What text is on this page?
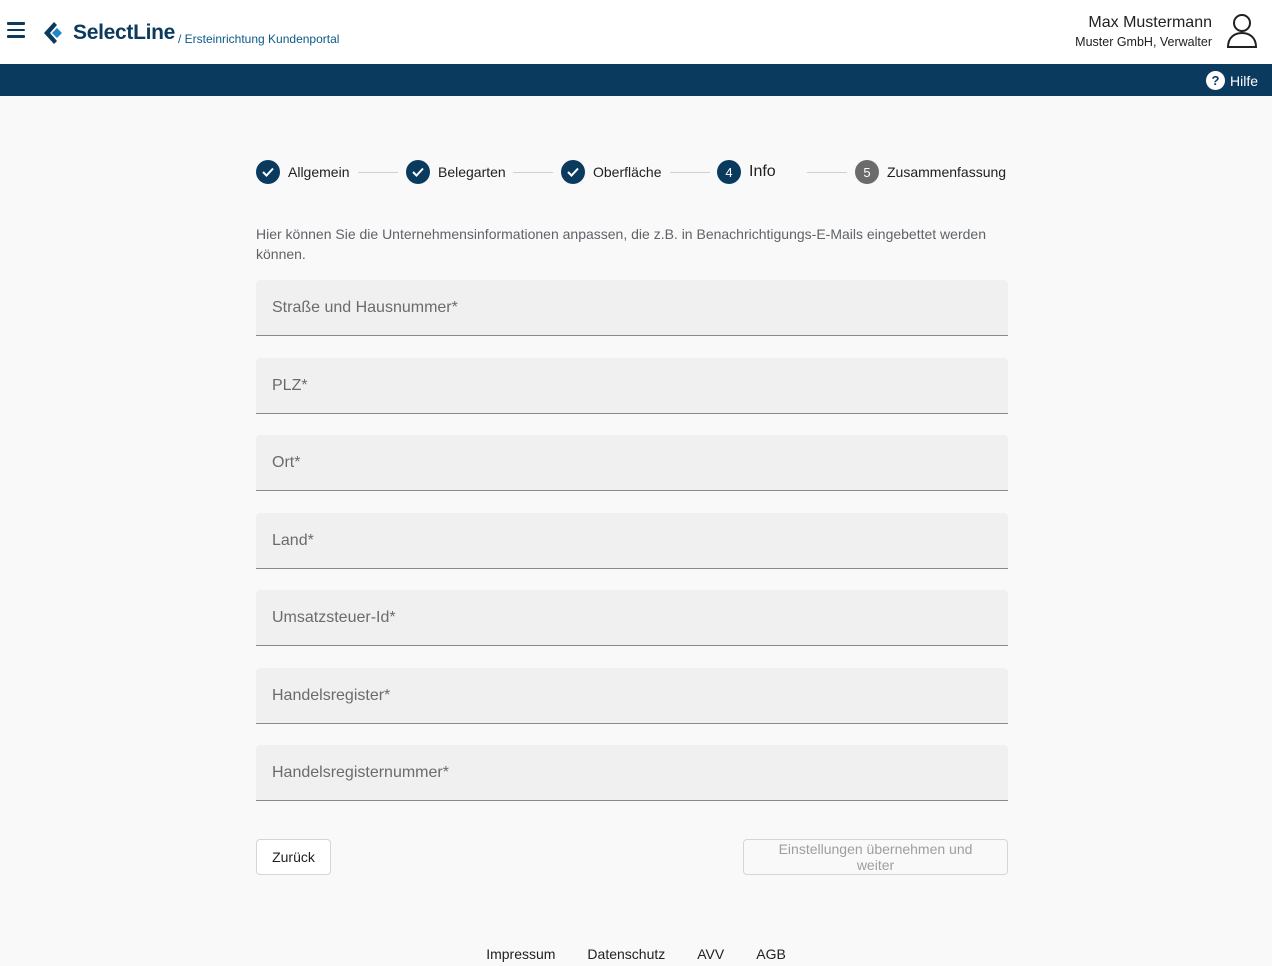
SelectLine / Ersteinrichtung Kundenportal
Max Mustermann
Muster GmbH, Verwalter
? Hilfe
Allgemein	Belegarten	Oberfläche	4	Info	5	Zusammenfassung
Hier können Sie die Unternehmensinformationen anpassen, die z.B. in Benachrichtigungs-E-Mails eingebettet werden können.
Straße und Hausnummer*
PLZ*
Ort*
Land*
Umsatzsteuer-Id*
Handelsregister*
Handelsregisternummer*
Zurück	Einstellungen übernehmen und weiter
Impressum Datenschutz AVV AGB
